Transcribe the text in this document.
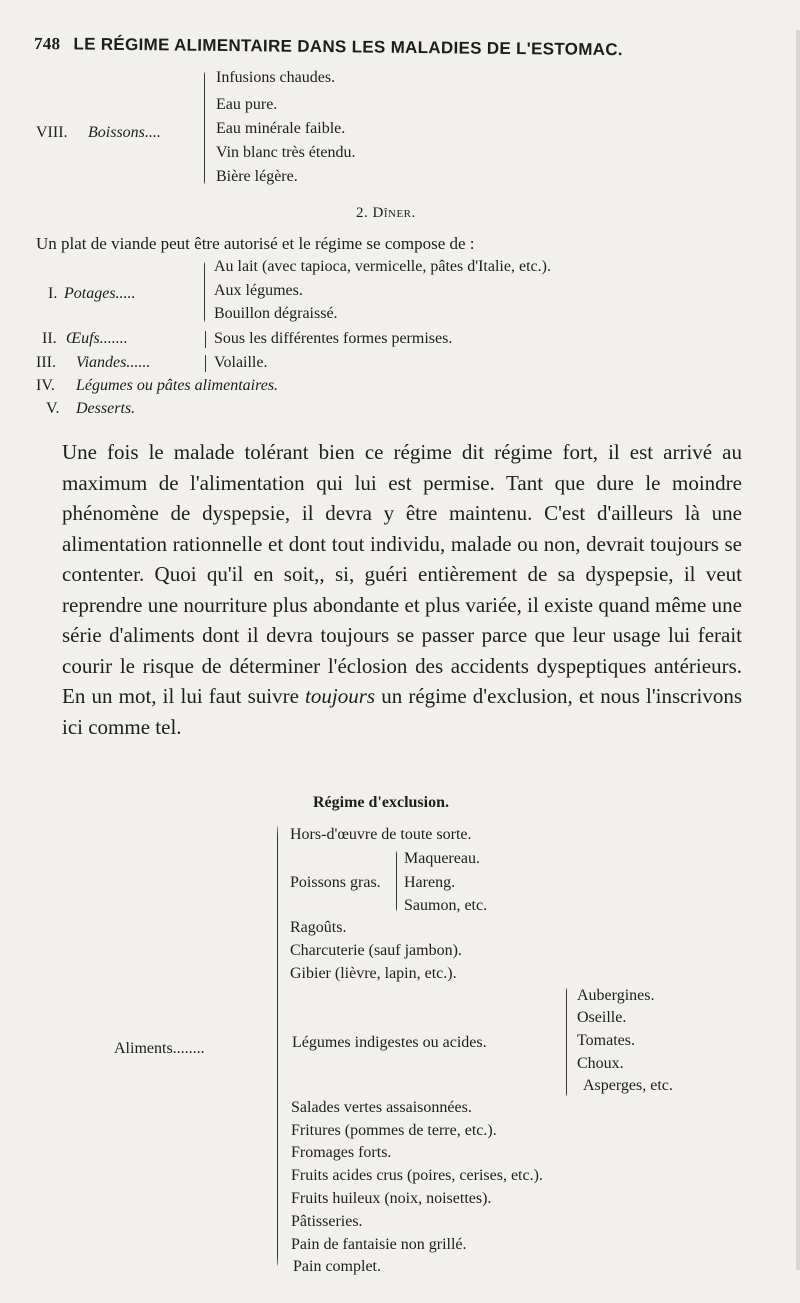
748 LE RÉGIME ALIMENTAIRE DANS LES MALADIES DE L'ESTOMAC.
VIII. Boissons....
Infusions chaudes.
Eau pure.
Eau minérale faible.
Vin blanc très étendu.
Bière légère.
2. Dîner.
Un plat de viande peut être autorisé et le régime se compose de :
I. Potages.....
Au lait (avec tapioca, vermicelle, pâtes d'Italie, etc.).
Aux légumes.
Bouillon dégraissé.
II. Œufs.......	Sous les différentes formes permises.
III. Viandes......	Volaille.
IV. Légumes ou pâtes alimentaires.
V. Desserts.

Une fois le malade tolérant bien ce régime dit régime fort, il est arrivé au maximum de l'alimentation qui lui est permise. Tant que dure le moindre phénomène de dyspepsie, il devra y être maintenu. C'est d'ailleurs là une alimentation rationnelle et dont tout individu, malade ou non, devrait toujours se contenter. Quoi qu'il en soit,, si, guéri entièrement de sa dyspepsie, il veut reprendre une nourriture plus abondante et plus variée, il existe quand même une série d'aliments dont il devra toujours se passer parce que leur usage lui ferait courir le risque de déterminer l'éclosion des accidents dyspeptiques antérieurs. En un mot, il lui faut suivre toujours un régime d'exclusion, et nous l'inscrivons ici comme tel.

Régime d'exclusion.
Aliments........
Hors-d'œuvre de toute sorte.
Poissons gras.
Maquereau.
Hareng.
Saumon, etc.
Ragoûts.
Charcuterie (sauf jambon).
Gibier (lièvre, lapin, etc.).
Légumes indigestes ou acides.
Aubergines.
Oseille.
Tomates.
Choux.
Asperges, etc.
Salades vertes assaisonnées.
Fritures (pommes de terre, etc.).
Fromages forts.
Fruits acides crus (poires, cerises, etc.).
Fruits huileux (noix, noisettes).
Pâtisseries.
Pain de fantaisie non grillé.
Pain complet.
